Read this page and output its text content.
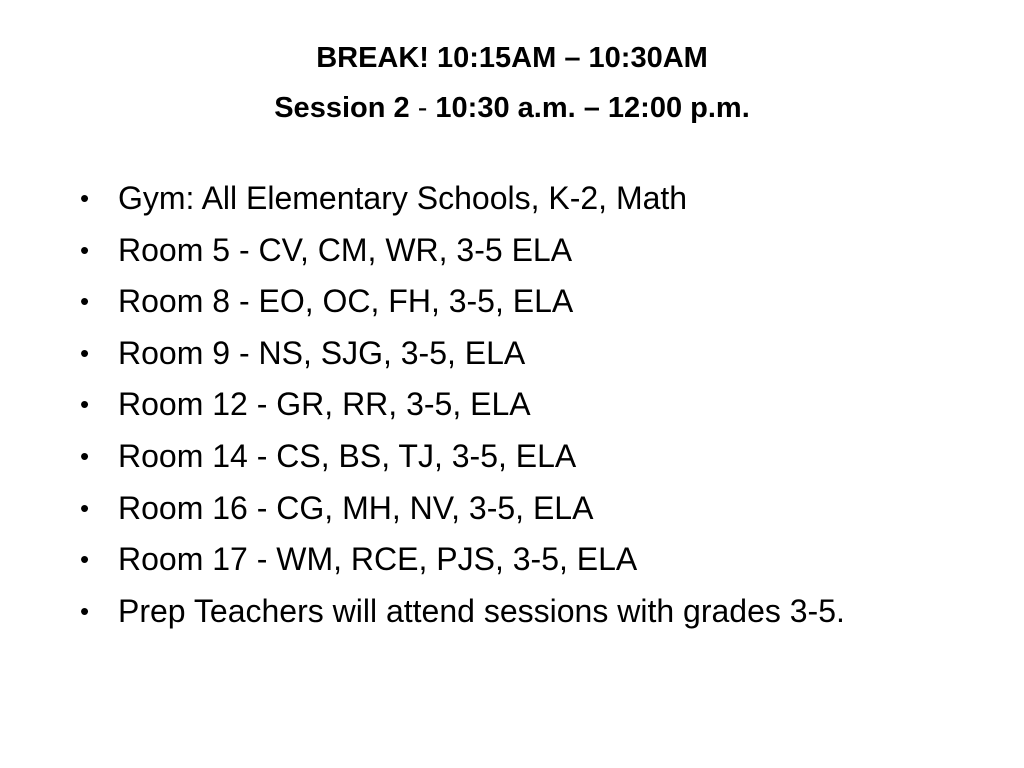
BREAK! 10:15AM – 10:30AM
Session 2 - 10:30 a.m. – 12:00 p.m.
• Gym: All Elementary Schools, K-2, Math
• Room 5 - CV, CM, WR, 3-5 ELA
• Room 8 - EO, OC, FH, 3-5, ELA
• Room 9 - NS, SJG, 3-5, ELA
• Room 12 - GR, RR, 3-5, ELA
• Room 14 - CS, BS, TJ, 3-5, ELA
• Room 16 - CG, MH, NV, 3-5, ELA
• Room 17 - WM, RCE, PJS, 3-5, ELA
• Prep Teachers will attend sessions with grades 3-5.
